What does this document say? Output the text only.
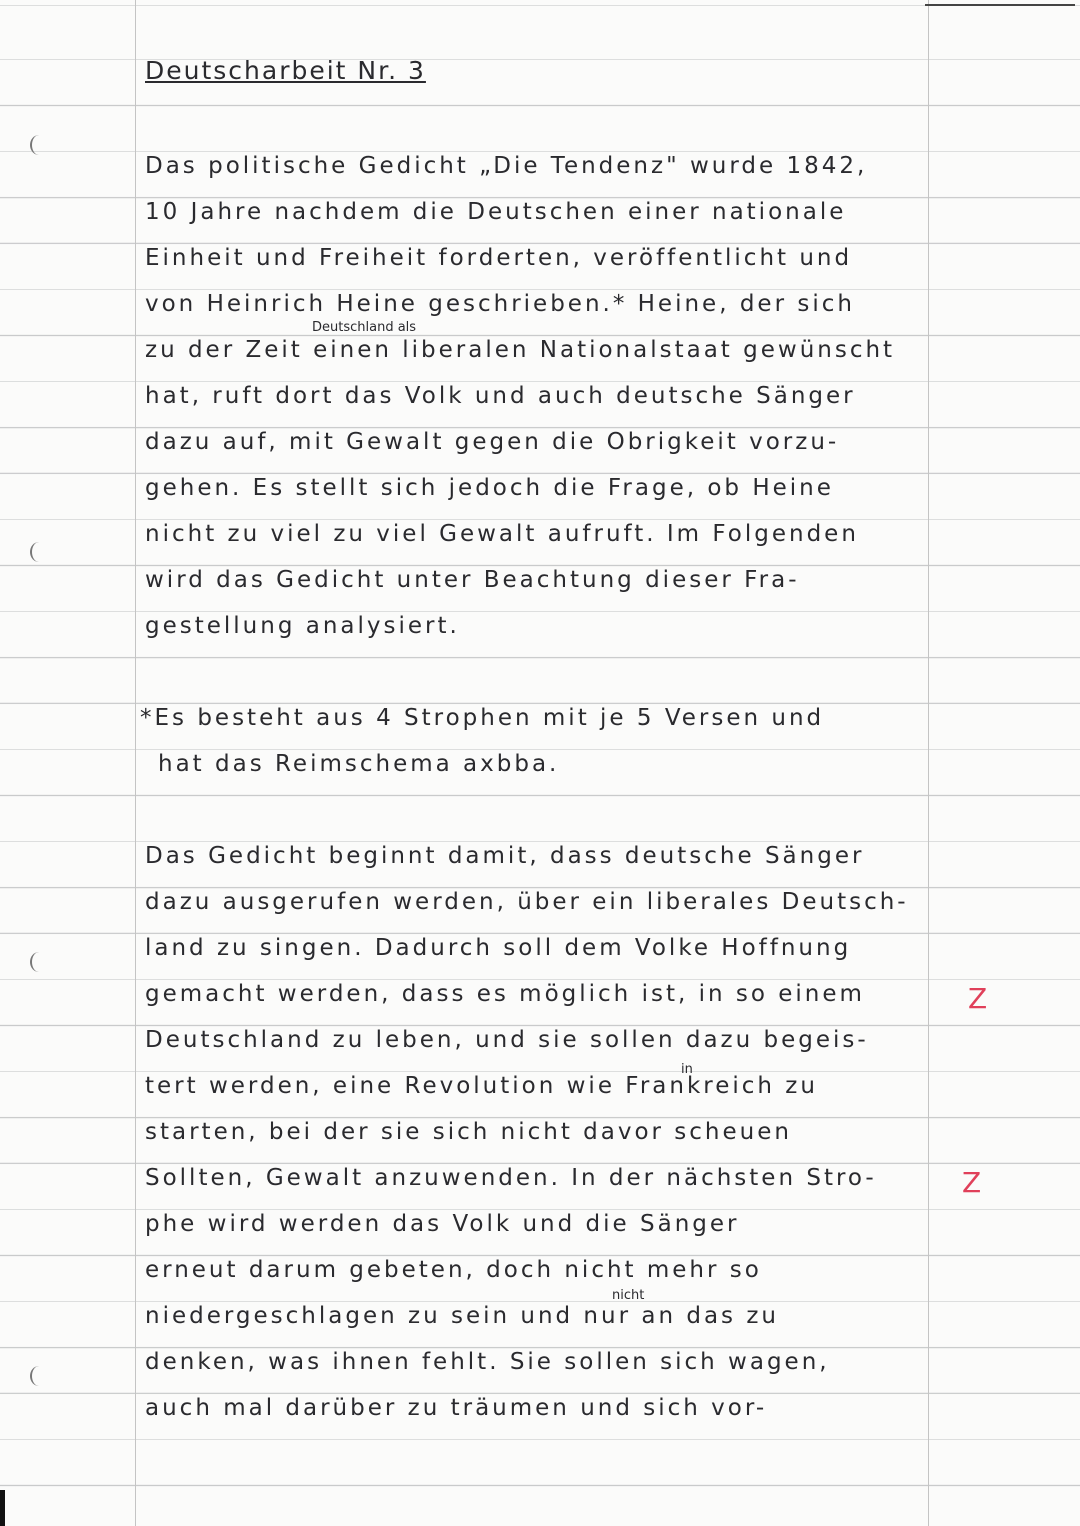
Deutscharbeit Nr. 3
Das politische Gedicht „Die Tendenz" wurde 1842,
10 Jahre nachdem die Deutschen einer nationale
Einheit und Freiheit forderten, veröffentlicht und
von Heinrich Heine geschrieben.* Heine, der sich
Deutschland als
zu der Zeit einen liberalen Nationalstaat gewünscht
hat, ruft dort das Volk und auch deutsche Sänger
dazu auf, mit Gewalt gegen die Obrigkeit vorzu-
gehen. Es stellt sich jedoch die Frage, ob Heine
nicht zu viel zu viel Gewalt aufruft. Im Folgenden
wird das Gedicht unter Beachtung dieser Fra-
gestellung analysiert.
*Es besteht aus 4 Strophen mit je 5 Versen und
hat das Reimschema axbba.
Das Gedicht beginnt damit, dass deutsche Sänger
dazu ausgerufen werden, über ein liberales Deutsch-
land zu singen. Dadurch soll dem Volke Hoffnung
gemacht werden, dass es möglich ist, in so einem
Deutschland zu leben, und sie sollen dazu begeis-
in
tert werden, eine Revolution wie Frankreich zu
starten, bei der sie sich nicht davor scheuen
Sollten, Gewalt anzuwenden. In der nächsten Stro-
phe wird werden das Volk und die Sänger
erneut darum gebeten, doch nicht mehr so
nicht
niedergeschlagen zu sein und nur an das zu
denken, was ihnen fehlt. Sie sollen sich wagen,
auch mal darüber zu träumen und sich vor-
Z
Z
